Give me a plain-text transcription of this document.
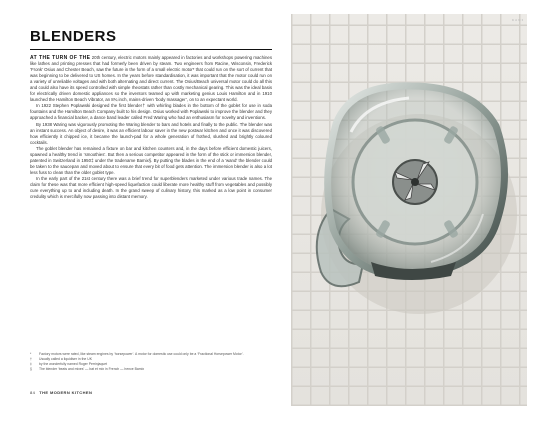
BLENDERS

AT THE TURN OF THE 20th century, electric motors mainly appeared in factories and workshops powering machines like lathes and printing presses that had formerly been driven by steam. Two engineers from Racine, Wisconsin, Frederick ‘Fronk’ Osius and Chester Beach, saw the future in the form of a small electric motor* that could run on the sort of current that was beginning to be delivered to US homes. In the years before standardisation, it was important that the motor could run on a variety of unreliable voltages and with both alternating and direct current. The Osius/Beach universal motor could do all this and could also have its speed controlled with simple rheostats rather than costly mechanical gearing. This was the ideal basis for electrically driven domestic appliances so the inventors teamed up with marketing genius Louis Hamilton and in 1910 launched the Hamilton Beach Vibrator, an 8¾ inch, mains-driven ‘body massager’, on to an expectant world.

In 1922 Stephen Poplawski designed the first blender† with whirling blades in the bottom of the goblet for use in soda fountains and the Hamilton Beach Company built to his design. Osius worked with Poplawski to improve the blender and they approached a financial backer, a dance band leader called Fred Waring who had an enthusiasm for novelty and inventions.

By 1938 Waring was vigorously promoting the Waring blender to bars and hotels and finally to the public. The blender was an instant success. An object of desire, it was an efficient labour saver in the new postwar kitchen and once it was discovered how efficiently it chipped ice, it became the launch-pad for a whole generation of frothed, slushed and brightly coloured cocktails.

The goblet blender has remained a fixture on bar and kitchen counters and, in the days before efficient domestic juicers, spawned a healthy trend in ‘smoothies’. But then a serious competitor appeared in the form of the stick or immersion blender, patented in Switzerland in 1950‡ under the tradename Bamix§. By putting the blades in the end of a ‘wand’ the blender could be taken to the saucepan and moved about to ensure that every bit of food gets attention. The immersion blender is also a lot less fuss to clean than the older goblet type.

In the early part of the 21st century there was a brief trend for superblenders marketed under various trade names. The claim for these was that more efficient high-speed liquefaction could liberate more healthy stuff from vegetables and possibly cure everything up to and including death. In the grand sweep of culinary history, this marked as a low point in consumer credulity which is mercifully now passing into distant memory.

*	Factory motors were rated, like steam engines by ‘horsepower’. A motor for domestic use could only be a ‘Fractional Horsepower Motor’.
†	Usually called a liquidiser in the UK
‡	by the wonderfully named Roger Perrinjaquet
§	The blender ‘beats and mixes’ — bat et mix in French — hence Bamix
84 THE MODERN KITCHEN
ᴅ ᴀ ɴ ɪ
